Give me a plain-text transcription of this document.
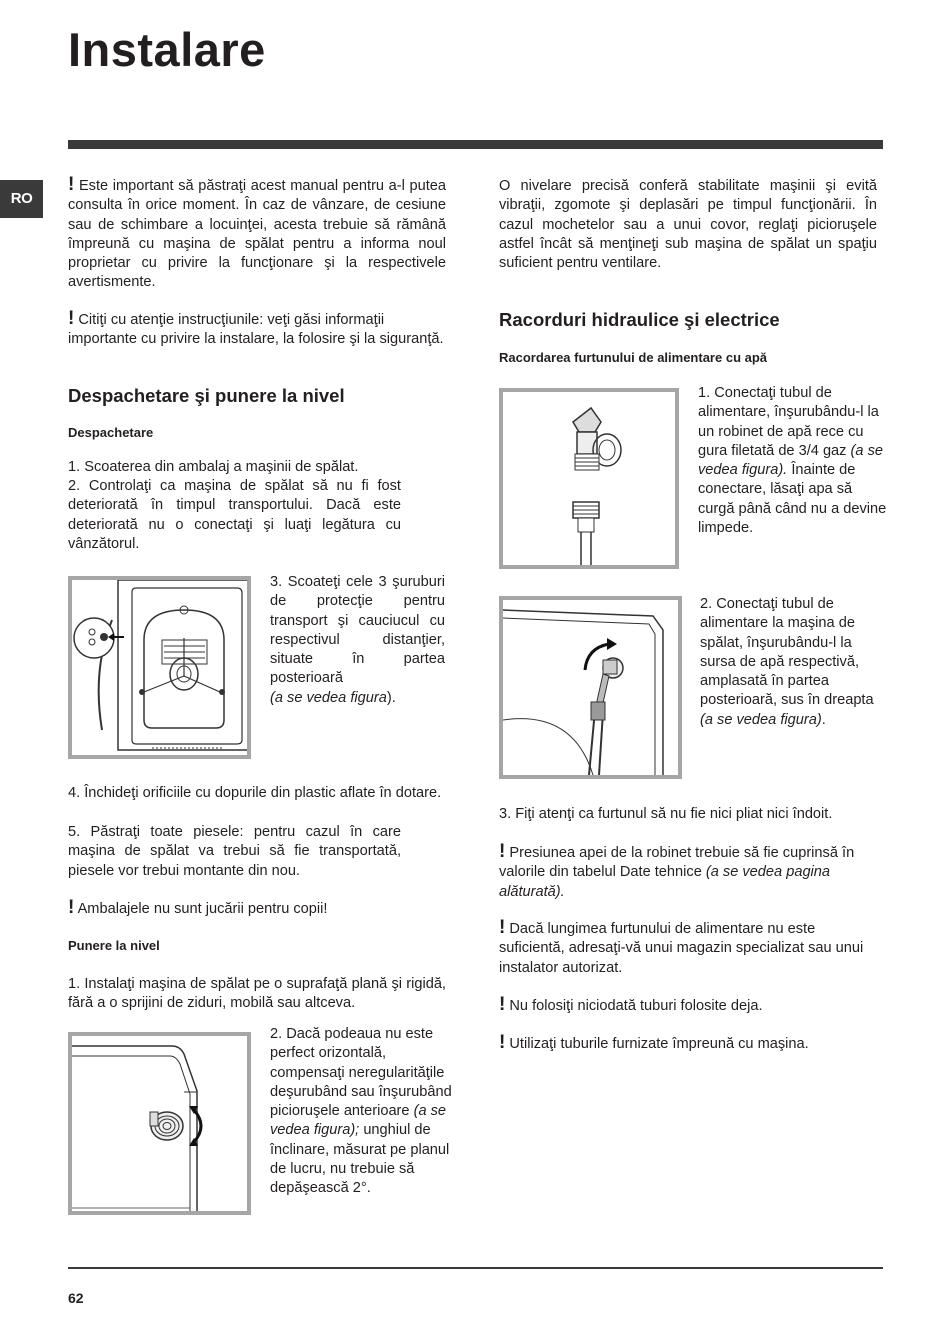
Instalare
RO

! Este important să păstraţi acest manual pentru a-l putea consulta în orice moment. În caz de vânzare, de cesiune sau de schimbare a locuinţei, acesta trebuie să rămână împreună cu maşina de spălat pentru a informa noul proprietar cu privire la funcţionare şi la respectivele avertismente.

! Citiţi cu atenţie instrucţiunile: veţi găsi informaţii importante cu privire la instalare, la folosire şi la siguranţă.

Despachetare şi punere la nivel
Despachetare

1. Scoaterea din ambalaj a maşinii de spălat.

2. Controlaţi ca maşina de spălat să nu fi fost deteriorată în timpul transportului. Dacă este deteriorată nu o conectaţi şi luaţi legătura cu vânzătorul.

3. Scoateţi cele 3 şuruburi de protecţie pentru transport şi cauciucul cu respectivul distanţier, situate în partea posterioară
(a se vedea figura).

4. Închideţi orificiile cu dopurile din plastic aflate în dotare.

5. Păstraţi toate piesele: pentru cazul în care maşina de spălat va trebui să fie transportată, piesele vor trebui montante din nou.

! Ambalajele nu sunt jucării pentru copii!

Punere la nivel

1. Instalaţi maşina de spălat pe o suprafaţă plană şi rigidă, fără a o sprijini de ziduri, mobilă sau altceva.

2. Dacă podeaua nu este perfect orizontală, compensaţi neregularităţile deşurubând sau înşurubând picioruşele anterioare (a se vedea figura); unghiul de înclinare, măsurat pe planul de lucru, nu trebuie să depăşească 2°.

O nivelare precisă conferă stabilitate maşinii şi evită vibraţii, zgomote şi deplasări pe timpul funcţionării. În cazul mochetelor sau a unui covor, reglaţi picioruşele astfel încât să menţineţi sub maşina de spălat un spaţiu suficient pentru ventilare.

Racorduri hidraulice şi electrice
Racordarea furtunului de alimentare cu apă

1. Conectaţi tubul de alimentare, înşurubându-l la un robinet de apă rece cu gura filetată de 3/4 gaz (a se vedea figura). Înainte de conectare, lăsaţi apa să curgă până când nu a devine limpede.

2. Conectaţi tubul de alimentare la maşina de spălat, înşurubându-l la sursa de apă respectivă, amplasată în partea posterioară, sus în dreapta (a se vedea figura).

3. Fiţi atenţi ca furtunul să nu fie nici pliat nici îndoit.

! Presiunea apei de la robinet trebuie să fie cuprinsă în valorile din tabelul Date tehnice (a se vedea pagina alăturată).

! Dacă lungimea furtunului de alimentare nu este suficientă, adresaţi-vă unui magazin specializat sau unui instalator autorizat.

! Nu folosiţi niciodată tuburi folosite deja.

! Utilizaţi tuburile furnizate împreună cu maşina.

62
